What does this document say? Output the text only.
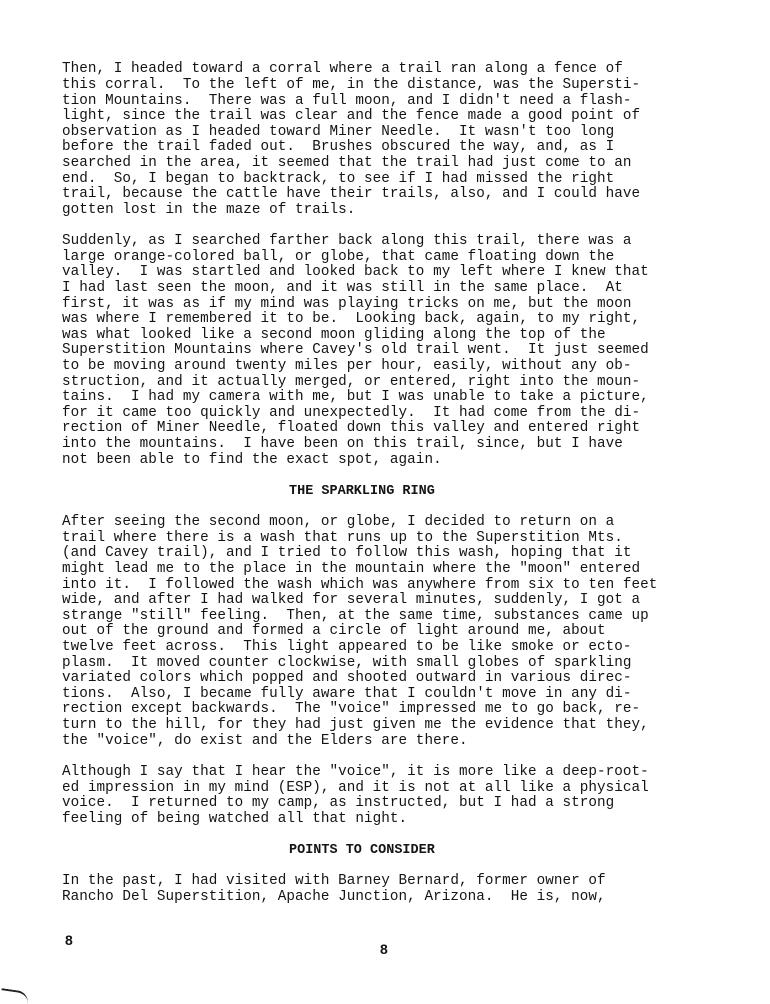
Then, I headed toward a corral where a trail ran along a fence of

this corral.  To the left of me, in the distance, was the Supersti-

tion Mountains.  There was a full moon, and I didn't need a flash-

light, since the trail was clear and the fence made a good point of

observation as I headed toward Miner Needle.  It wasn't too long

before the trail faded out.  Brushes obscured the way, and, as I

searched in the area, it seemed that the trail had just come to an

end.  So, I began to backtrack, to see if I had missed the right

trail, because the cattle have their trails, also, and I could have

gotten lost in the maze of trails.

Suddenly, as I searched farther back along this trail, there was a

large orange-colored ball, or globe, that came floating down the

valley.  I was startled and looked back to my left where I knew that

I had last seen the moon, and it was still in the same place.  At

first, it was as if my mind was playing tricks on me, but the moon

was where I remembered it to be.  Looking back, again, to my right,

was what looked like a second moon gliding along the top of the

Superstition Mountains where Cavey's old trail went.  It just seemed

to be moving around twenty miles per hour, easily, without any ob-

struction, and it actually merged, or entered, right into the moun-

tains.  I had my camera with me, but I was unable to take a picture,

for it came too quickly and unexpectedly.  It had come from the di-

rection of Miner Needle, floated down this valley and entered right

into the mountains.  I have been on this trail, since, but I have

not been able to find the exact spot, again.

THE SPARKLING RING

After seeing the second moon, or globe, I decided to return on a

trail where there is a wash that runs up to the Superstition Mts.

(and Cavey trail), and I tried to follow this wash, hoping that it

might lead me to the place in the mountain where the "moon" entered

into it.  I followed the wash which was anywhere from six to ten feet

wide, and after I had walked for several minutes, suddenly, I got a

strange "still" feeling.  Then, at the same time, substances came up

out of the ground and formed a circle of light around me, about

twelve feet across.  This light appeared to be like smoke or ecto-

plasm.  It moved counter clockwise, with small globes of sparkling

variated colors which popped and shooted outward in various direc-

tions.  Also, I became fully aware that I couldn't move in any di-

rection except backwards.  The "voice" impressed me to go back, re-

turn to the hill, for they had just given me the evidence that they,

the "voice", do exist and the Elders are there.

Although I say that I hear the "voice", it is more like a deep-root-

ed impression in my mind (ESP), and it is not at all like a physical

voice.  I returned to my camp, as instructed, but I had a strong

feeling of being watched all that night.

POINTS TO CONSIDER

In the past, I had visited with Barney Bernard, former owner of

Rancho Del Superstition, Apache Junction, Arizona.  He is, now,

8

8
